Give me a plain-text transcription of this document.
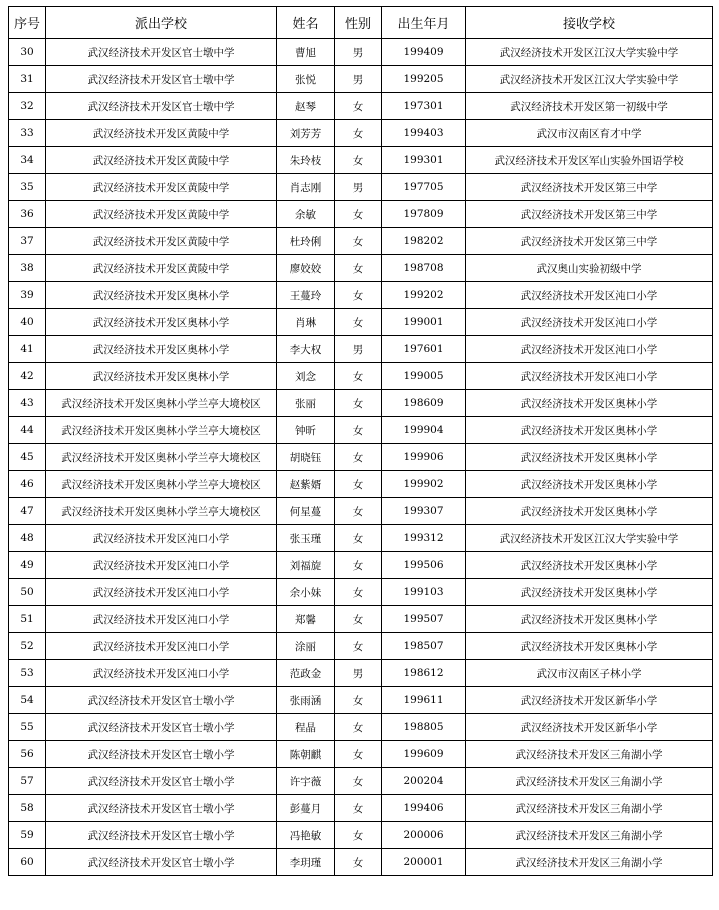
序号	派出学校	姓名	性别	出生年月	接收学校
30	武汉经济技术开发区官士墩中学	曹旭	男	199409	武汉经济技术开发区江汉大学实验中学
31	武汉经济技术开发区官士墩中学	张悦	男	199205	武汉经济技术开发区江汉大学实验中学
32	武汉经济技术开发区官士墩中学	赵琴	女	197301	武汉经济技术开发区第一初级中学
33	武汉经济技术开发区黄陵中学	刘芳芳	女	199403	武汉市汉南区育才中学
34	武汉经济技术开发区黄陵中学	朱玲枝	女	199301	武汉经济技术开发区军山实验外国语学校
35	武汉经济技术开发区黄陵中学	肖志刚	男	197705	武汉经济技术开发区第三中学
36	武汉经济技术开发区黄陵中学	余敏	女	197809	武汉经济技术开发区第三中学
37	武汉经济技术开发区黄陵中学	杜玲俐	女	198202	武汉经济技术开发区第三中学
38	武汉经济技术开发区黄陵中学	廖姣姣	女	198708	武汉奥山实验初级中学
39	武汉经济技术开发区奥林小学	王蔓玲	女	199202	武汉经济技术开发区沌口小学
40	武汉经济技术开发区奥林小学	肖琳	女	199001	武汉经济技术开发区沌口小学
41	武汉经济技术开发区奥林小学	李大权	男	197601	武汉经济技术开发区沌口小学
42	武汉经济技术开发区奥林小学	刘念	女	199005	武汉经济技术开发区沌口小学
43	武汉经济技术开发区奥林小学兰亭大境校区	张丽	女	198609	武汉经济技术开发区奥林小学
44	武汉经济技术开发区奥林小学兰亭大境校区	钟昕	女	199904	武汉经济技术开发区奥林小学
45	武汉经济技术开发区奥林小学兰亭大境校区	胡晓钰	女	199906	武汉经济技术开发区奥林小学
46	武汉经济技术开发区奥林小学兰亭大境校区	赵紫婿	女	199902	武汉经济技术开发区奥林小学
47	武汉经济技术开发区奥林小学兰亭大境校区	何星蔓	女	199307	武汉经济技术开发区奥林小学
48	武汉经济技术开发区沌口小学	张玉瑾	女	199312	武汉经济技术开发区江汉大学实验中学
49	武汉经济技术开发区沌口小学	刘福旋	女	199506	武汉经济技术开发区奥林小学
50	武汉经济技术开发区沌口小学	余小妹	女	199103	武汉经济技术开发区奥林小学
51	武汉经济技术开发区沌口小学	郑馨	女	199507	武汉经济技术开发区奥林小学
52	武汉经济技术开发区沌口小学	涂丽	女	198507	武汉经济技术开发区奥林小学
53	武汉经济技术开发区沌口小学	范政金	男	198612	武汉市汉南区子林小学
54	武汉经济技术开发区官士墩小学	张雨涵	女	199611	武汉经济技术开发区新华小学
55	武汉经济技术开发区官士墩小学	程晶	女	198805	武汉经济技术开发区新华小学
56	武汉经济技术开发区官士墩小学	陈朝麒	女	199609	武汉经济技术开发区三角湖小学
57	武汉经济技术开发区官士墩小学	许宇薇	女	200204	武汉经济技术开发区三角湖小学
58	武汉经济技术开发区官士墩小学	彭蔓月	女	199406	武汉经济技术开发区三角湖小学
59	武汉经济技术开发区官士墩小学	冯艳敏	女	200006	武汉经济技术开发区三角湖小学
60	武汉经济技术开发区官士墩小学	李玥瑾	女	200001	武汉经济技术开发区三角湖小学
